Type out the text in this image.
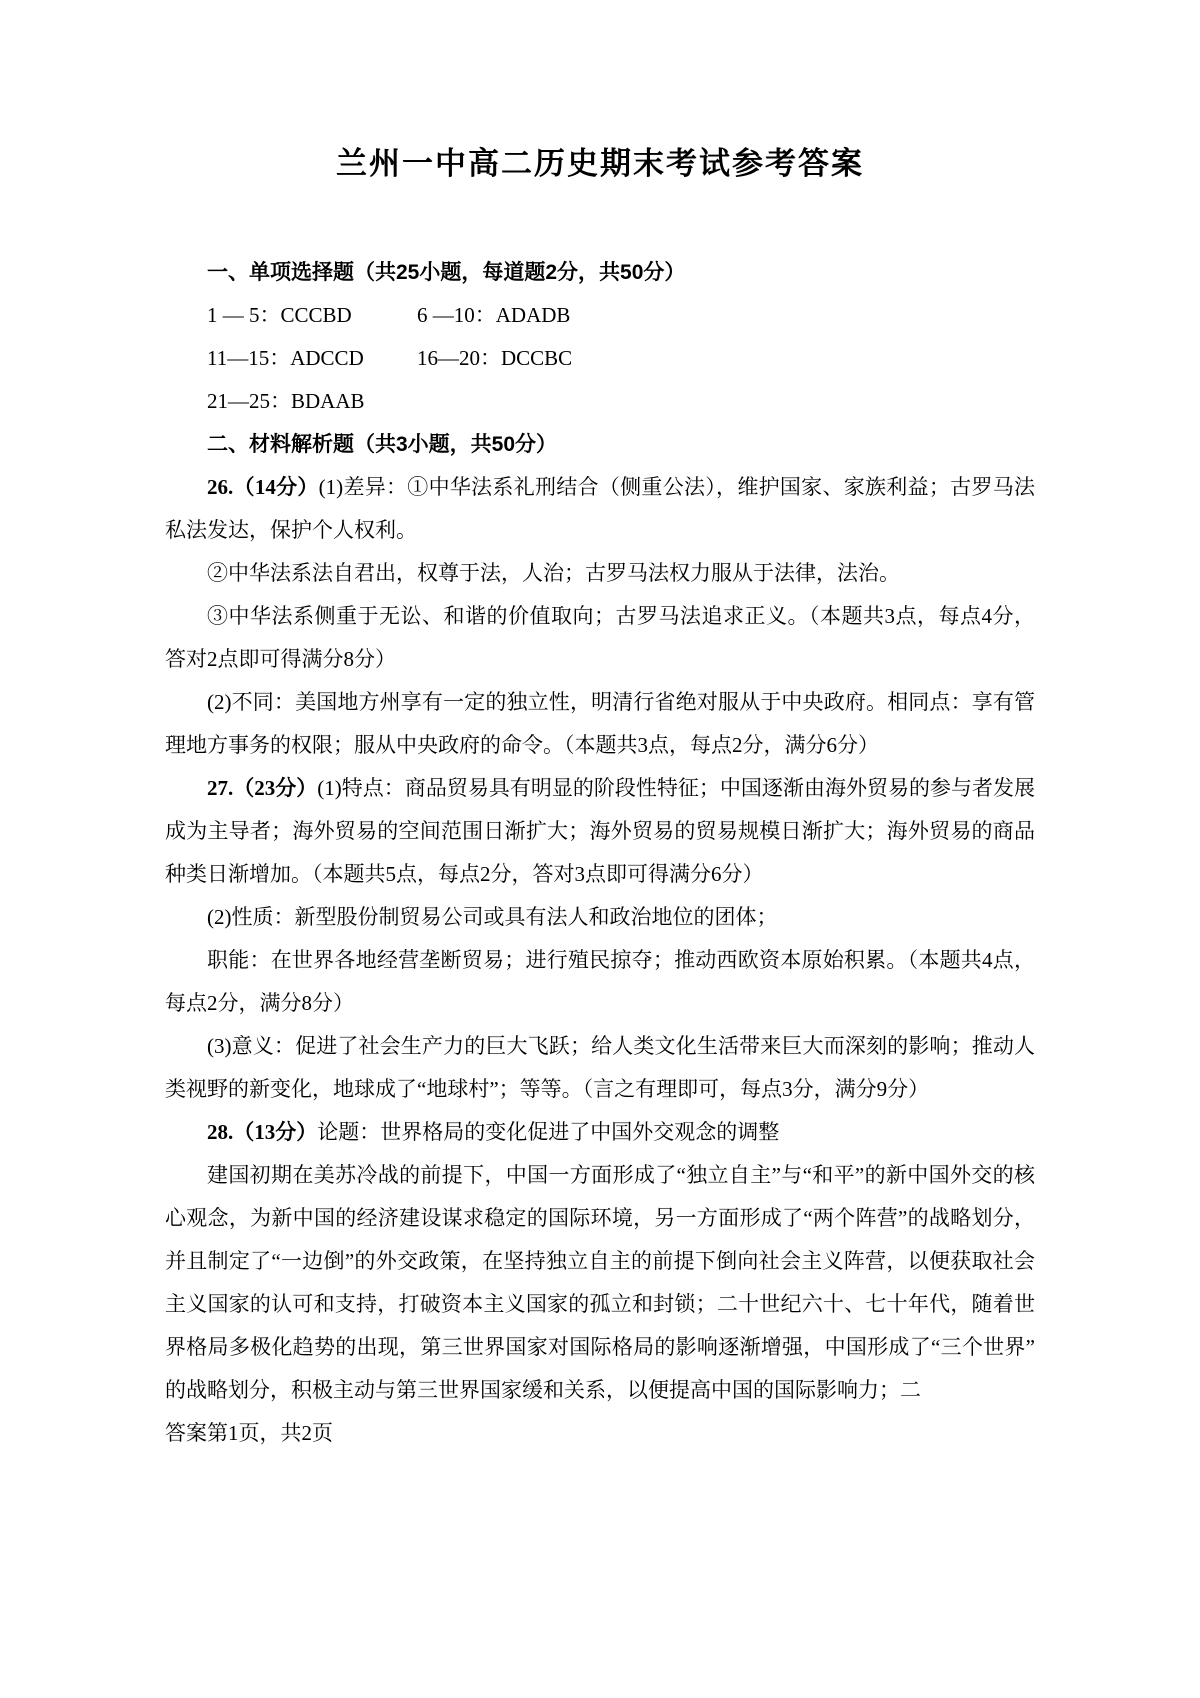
兰州一中高二历史期末考试参考答案

一、单项选择题（共25小题，每道题2分，共50分）

1 — 5：CCCBD	6 —10：ADADB

11—15：ADCCD	16—20：DCCBC

21—25：BDAAB

二、材料解析题（共3小题，共50分）

26.（14分）(1)差异：①中华法系礼刑结合（侧重公法），维护国家、家族利益；古罗马法私法发达，保护个人权利。

②中华法系法自君出，权尊于法，人治；古罗马法权力服从于法律，法治。

③中华法系侧重于无讼、和谐的价值取向；古罗马法追求正义。（本题共3点，每点4分，答对2点即可得满分8分）

(2)不同：美国地方州享有一定的独立性，明清行省绝对服从于中央政府。相同点：享有管理地方事务的权限；服从中央政府的命令。（本题共3点，每点2分，满分6分）

27.（23分）(1)特点：商品贸易具有明显的阶段性特征；中国逐渐由海外贸易的参与者发展成为主导者；海外贸易的空间范围日渐扩大；海外贸易的贸易规模日渐扩大；海外贸易的商品种类日渐增加。（本题共5点，每点2分，答对3点即可得满分6分）

(2)性质：新型股份制贸易公司或具有法人和政治地位的团体；

职能：在世界各地经营垄断贸易；进行殖民掠夺；推动西欧资本原始积累。（本题共4点，每点2分，满分8分）

(3)意义：促进了社会生产力的巨大飞跃；给人类文化生活带来巨大而深刻的影响；推动人类视野的新变化，地球成了“地球村”；等等。（言之有理即可，每点3分，满分9分）

28.（13分）论题：世界格局的变化促进了中国外交观念的调整

建国初期在美苏冷战的前提下，中国一方面形成了“独立自主”与“和平”的新中国外交的核心观念，为新中国的经济建设谋求稳定的国际环境，另一方面形成了“两个阵营”的战略划分，并且制定了“一边倒”的外交政策，在坚持独立自主的前提下倒向社会主义阵营，以便获取社会主义国家的认可和支持，打破资本主义国家的孤立和封锁；二十世纪六十、七十年代，随着世界格局多极化趋势的出现，第三世界国家对国际格局的影响逐渐增强，中国形成了“三个世界”的战略划分，积极主动与第三世界国家缓和关系，以便提高中国的国际影响力；二

答案第1页，共2页
